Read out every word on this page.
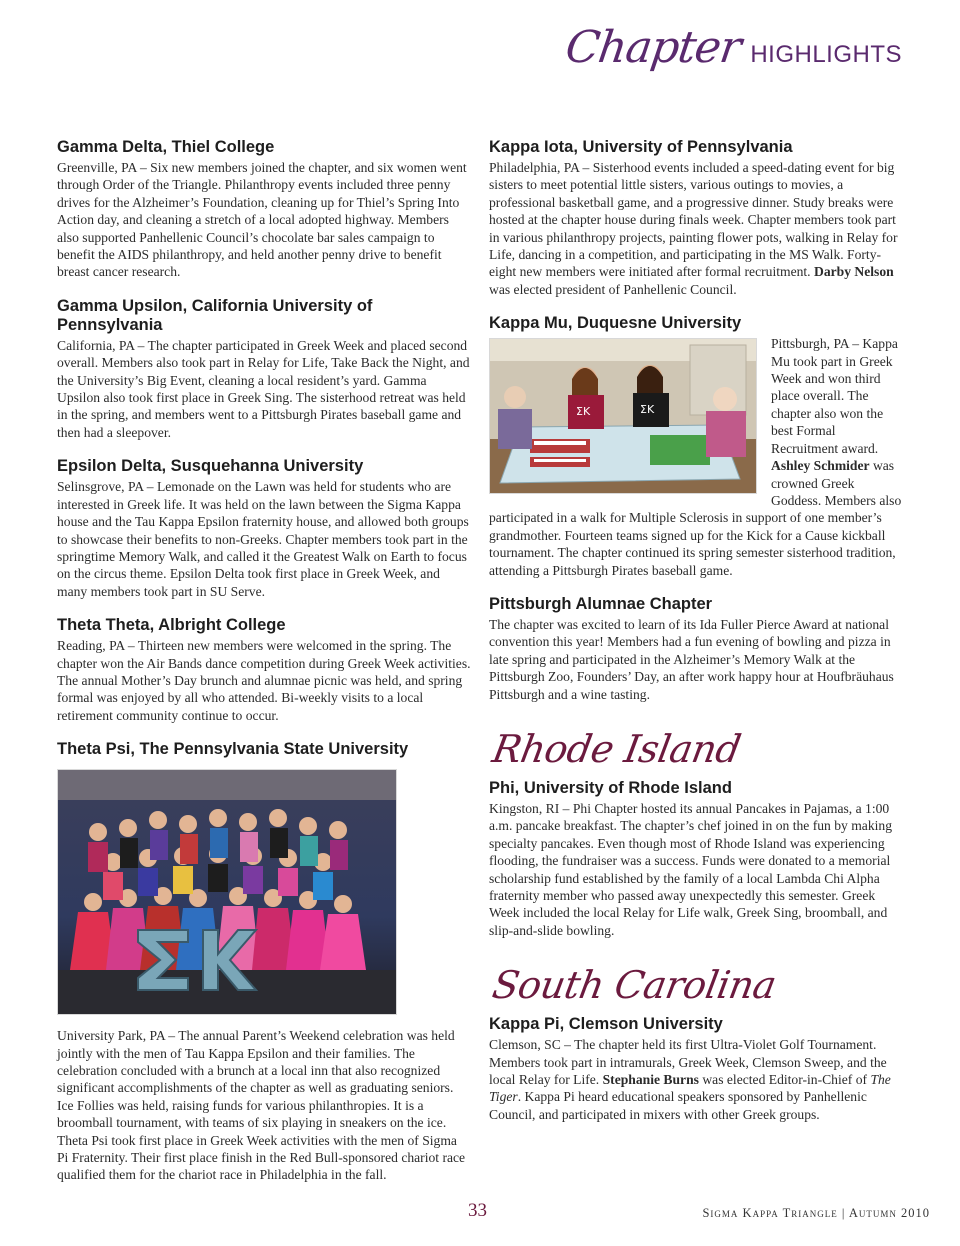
Chapter HIGHLIGHTS
Gamma Delta, Thiel College

Greenville, PA – Six new members joined the chapter, and six women went through Order of the Triangle. Philanthropy events included three penny drives for the Alzheimer’s Foundation, cleaning up for Thiel’s Spring Into Action day, and cleaning a stretch of a local adopted highway. Members also supported Panhellenic Council’s chocolate bar sales campaign to benefit the AIDS philanthropy, and held another penny drive to benefit breast cancer research.

Gamma Upsilon, California University of Pennsylvania

California, PA – The chapter participated in Greek Week and placed second overall. Members also took part in Relay for Life, Take Back the Night, and the University’s Big Event, cleaning a local resident’s yard. Gamma Upsilon also took first place in Greek Sing. The sisterhood retreat was held in the spring, and members went to a Pittsburgh Pirates baseball game and then had a sleepover.

Epsilon Delta, Susquehanna University

Selinsgrove, PA – Lemonade on the Lawn was held for students who are interested in Greek life. It was held on the lawn between the Sigma Kappa house and the Tau Kappa Epsilon fraternity house, and allowed both groups to showcase their benefits to non-Greeks. Chapter members took part in the springtime Memory Walk, and called it the Greatest Walk on Earth to focus on the circus theme. Epsilon Delta took first place in Greek Week, and many members took part in SU Serve.

Theta Theta, Albright College

Reading, PA – Thirteen new members were welcomed in the spring. The chapter won the Air Bands dance competition during Greek Week activities. The annual Mother’s Day brunch and alumnae picnic was held, and spring formal was enjoyed by all who attended. Bi-weekly visits to a local retirement community continue to occur.

Theta Psi, The Pennsylvania State University

University Park, PA – The annual Parent’s Weekend celebration was held jointly with the men of Tau Kappa Epsilon and their families. The celebration concluded with a brunch at a local inn that also recognized significant accomplishments of the chapter as well as graduating seniors. Ice Follies was held, raising funds for various philanthropies. It is a broomball tournament, with teams of six playing in sneakers on the ice. Theta Psi took first place in Greek Week activities with the men of Sigma Pi Fraternity. Their first place finish in the Red Bull-sponsored chariot race qualified them for the chariot race in Philadelphia in the fall.

Kappa Iota, University of Pennsylvania

Philadelphia, PA – Sisterhood events included a speed-dating event for big sisters to meet potential little sisters, various outings to movies, a professional basketball game, and a progressive dinner. Study breaks were hosted at the chapter house during finals week. Chapter members took part in various philanthropy projects, painting flower pots, walking in Relay for Life, dancing in a competition, and participating in the MS Walk. Forty-eight new members were initiated after formal recruitment. Darby Nelson was elected president of Panhellenic Council.

Kappa Mu, Duquesne University
ΣΚ	ΣΚ

Pittsburgh, PA – Kappa Mu took part in Greek Week and won third place overall. The chapter also won the best Formal Recruitment award. Ashley Schmider was crowned Greek Goddess. Members also participated in a walk for Multiple Sclerosis in support of one member’s grandmother. Fourteen teams signed up for the Kick for a Cause kickball tournament. The chapter continued its spring semester sisterhood tradition, attending a Pittsburgh Pirates baseball game.

Pittsburgh Alumnae Chapter

The chapter was excited to learn of its Ida Fuller Pierce Award at national convention this year! Members had a fun evening of bowling and pizza in late spring and participated in the Alzheimer’s Memory Walk at the Pittsburgh Zoo, Founders’ Day, an after work happy hour at Houfbräuhaus Pittsburgh and a wine tasting.

Rhode Island
Phi, University of Rhode Island

Kingston, RI – Phi Chapter hosted its annual Pancakes in Pajamas, a 1:00 a.m. pancake breakfast. The chapter’s chef joined in on the fun by making specialty pancakes. Even though most of Rhode Island was experiencing flooding, the fundraiser was a success. Funds were donated to a memorial scholarship fund established by the family of a local Lambda Chi Alpha fraternity member who passed away unexpectedly this semester. Greek Week included the local Relay for Life walk, Greek Sing, broomball, and slip-and-slide bowling.

South Carolina
Kappa Pi, Clemson University

Clemson, SC – The chapter held its first Ultra-Violet Golf Tournament. Members took part in intramurals, Greek Week, Clemson Sweep, and the local Relay for Life. Stephanie Burns was elected Editor-in-Chief of The Tiger. Kappa Pi heard educational speakers sponsored by Panhellenic Council, and participated in mixers with other Greek groups.

33	Sigma Kappa Triangle | Autumn 2010
